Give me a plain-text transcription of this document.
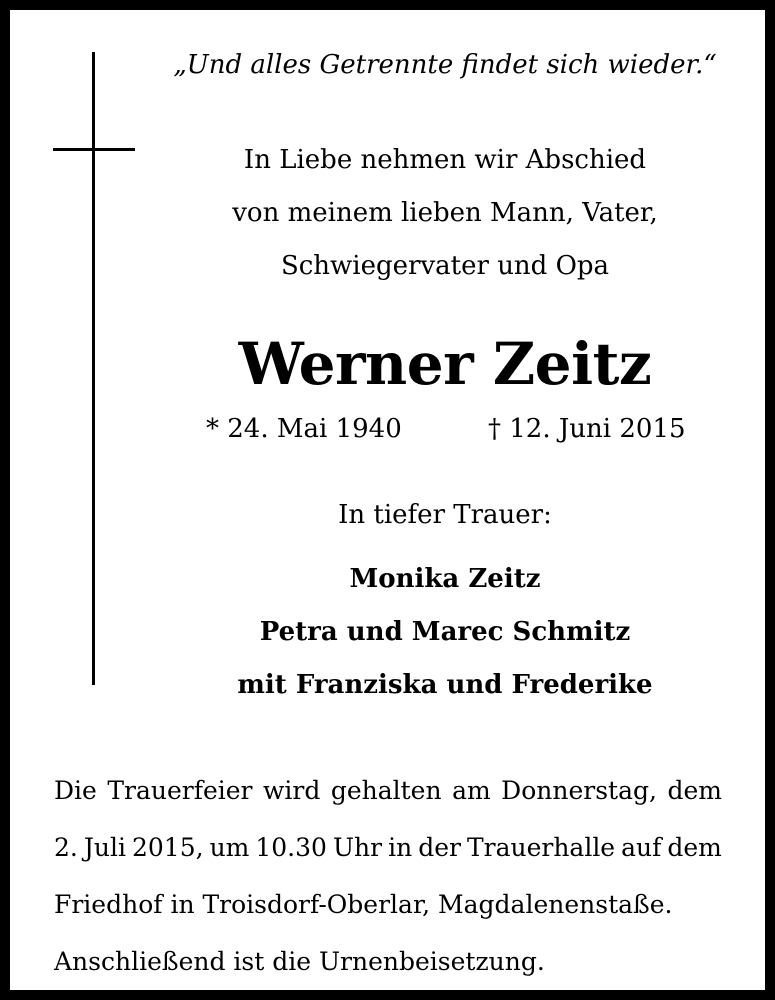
„Und alles Getrennte findet sich wieder.“
In Liebe nehmen wir Abschied
von meinem lieben Mann, Vater,
Schwiegervater und Opa
Werner Zeitz
* 24. Mai 1940	† 12. Juni 2015
In tiefer Trauer:
Monika Zeitz
Petra und Marec Schmitz
mit Franziska und Frederike
Die Trauerfeier wird gehalten am Donnerstag, dem
2. Juli 2015, um 10.30 Uhr in der Trauerhalle auf dem
Friedhof in Troisdorf-Oberlar, Magdalenenstaße.
Anschließend ist die Urnenbeisetzung.
